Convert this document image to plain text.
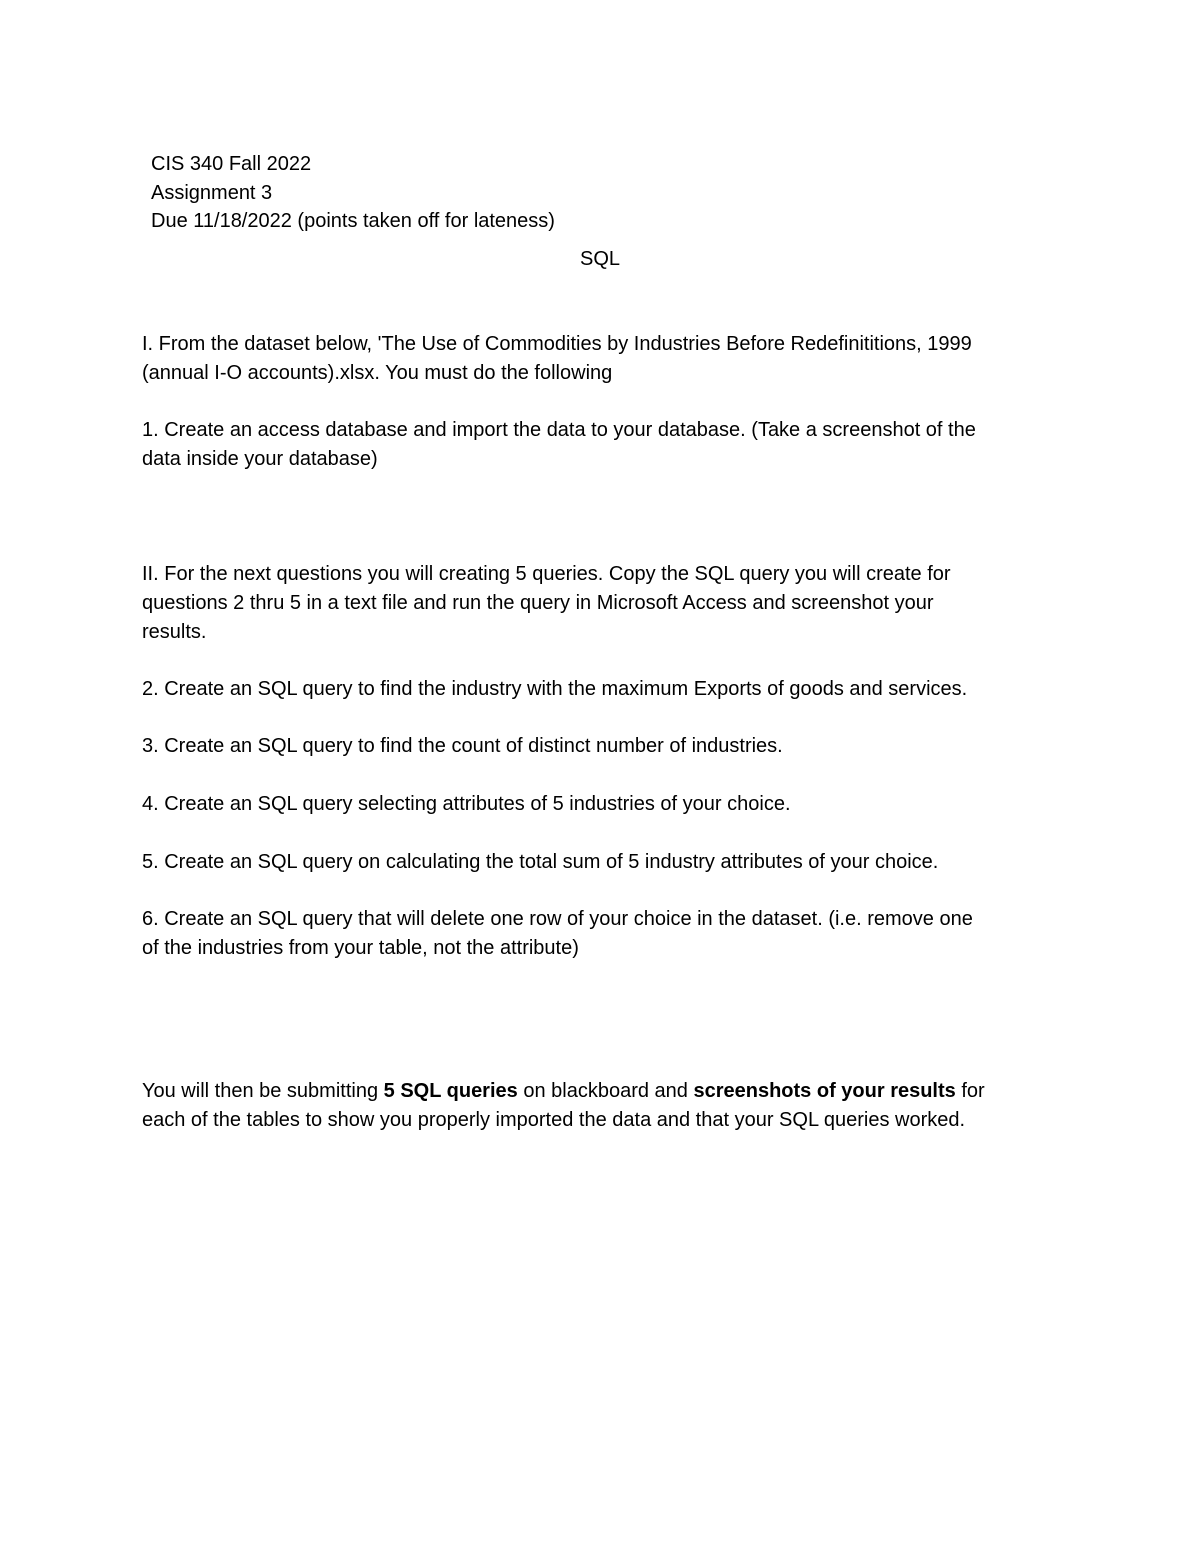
CIS 340 Fall 2022
Assignment 3
Due 11/18/2022 (points taken off for lateness)
SQL
I. From the dataset below, 'The Use of Commodities by Industries Before Redefinititions, 1999
(annual I-O accounts).xlsx. You must do the following
1. Create an access database and import the data to your database. (Take a screenshot of the
data inside your database)
II. For the next questions you will creating 5 queries. Copy the SQL query you will create for
questions 2 thru 5 in a text file and run the query in Microsoft Access and screenshot your
results.
2. Create an SQL query to find the industry with the maximum Exports of goods and services.
3. Create an SQL query to find the count of distinct number of industries.
4. Create an SQL query selecting attributes of 5 industries of your choice.
5. Create an SQL query on calculating the total sum of 5 industry attributes of your choice.
6. Create an SQL query that will delete one row of your choice in the dataset. (i.e. remove one
of the industries from your table, not the attribute)
You will then be submitting 5 SQL queries on blackboard and screenshots of your results for
each of the tables to show you properly imported the data and that your SQL queries worked.
